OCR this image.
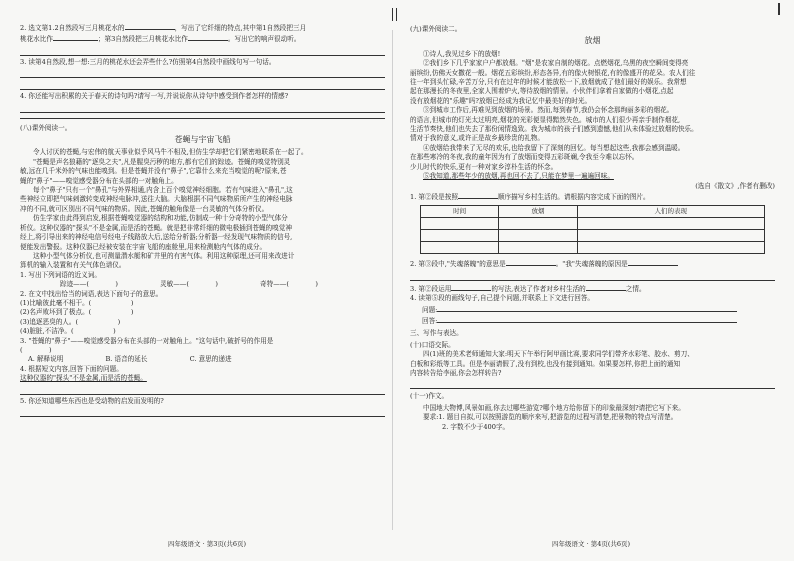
2. 选文第1.2自然段写三月桃花水的	，写出了它纤细的特点,其中第1自然段把三月
桃花水比作	；第3自然段把三月桃花水比作	。写出它的响声很动听。
3. 读第4自然段,想一想:三月的桃花水还会弄些什么?仿照第4自然段中画线句写一句话。
4. 你还能写出积累的关于春天的诗句吗?请写一写,并说说你从诗句中感受到作者怎样的情感?
(八)课外阅读一。
苍蝇与宇宙飞船
令人讨厌的苍蝇,与宏伟的航天事业似乎风马牛不相及,但仿生学却把它们紧密地联系在一起了。
"苍蝇是声名狼藉的"逐臭之夫",凡是腥臭污秽的地方,都有它们的踪迹。苍蝇的嗅觉特别灵
敏,远在几千米外的气味也能嗅到。但是苍蝇并没有"鼻子",它靠什么来充当嗅觉的呢?原来,苍
蝇的"鼻子"——嗅觉感受器分布在头部的一对触角上。
每个"鼻子"只有一个"鼻孔"与外界相通,内含上百个嗅觉神经细胞。若有气味进入"鼻孔",这
些神经立即把气味刺激转变成神经电脉冲,送往大脑。大脑根据不同气味物质所产生的神经电脉
冲的不同,就可区别出不同气味的物质。因此,苍蝇的触角像是一台灵敏的气体分析仪。
仿生学家由此得到启发,根据苍蝇嗅觉器的结构和功能,仿制成一种十分奇特的小型气体分
析仪。这种仪器的"探头"不是金属,而是活的苍蝇。就是把非常纤细的微电极插到苍蝇的嗅觉神
经上,将引导出来的神经电信号经电子线路放大后,送给分析器;分析器一经发现气味物质的信号,
便能发出警报。这种仪器已经被安装在宇宙飞船的座舱里,用来检测舱内气体的成分。
这种小型气体分析仪,也可测量潜水艇和矿井里的有害气体。利用这种原理,还可用来改进计
算机的输入装置和有关气体色谱仪。
1. 写出下列词语的近义词。
踪迹——(　　　　)	灵敏——(　　　　)	奇特——(　　　　)
2. 在文中找出恰当的词语,表达下面句子的意思。
(1)比喻彼此毫不相干。(　　　　　　)
(2)名声败坏到了极点。(　　　　　　)
(3)追逐恶臭的人。(　　　　　　)
(4)脏脏,不洁净。(　　　　　　)
3. "苍蝇的"鼻子"——嗅觉感受器分布在头部的一对触角上。"这句话中,破折号的作用是
(　　　　)
A. 解释说明	B. 语音的延长	C. 意思的递进
4. 根据短文内容,回答下面的问题。
这种仪器的"探头"不是金属,而是活的苍蝇。
5. 你还知道哪些东西也是受动物的启发而发明的?
四年级语文 · 第3页(共6页)
(九)课外阅读二。
放烟
①诗人,我见过乡下的放烟!
②我们乡下几乎家家户户都放烟。"烟"是农家自制的烟花。点燃烟花,乌黑的夜空瞬间变得亮
丽缤纷,仿佛天女撒花一般。烟花五彩缤纷,形态各异,有的像火树银花,有的像盛开的花朵。农人们往
往一年到头忙碌,辛苦万分,只有在过年的时候才能放松一下,放烟就成了他们最好的娱乐。我常想
起在那漫长的冬夜里,全家人围着炉火,等待放烟的情景。小伙伴们拿着自家做的小烟花,点起
没有放烟花的"乐趣"吗?放烟已经成为我记忆中最美好的时光。
③到城市工作后,再难见到放烟的场景。然而,每到春节,我仍会怀念那绚丽多彩的烟花。
的语言,但城市的灯光太过明亮,烟花的光彩便显得黯然失色。城市的人们很少再亲手制作烟花,
生活节奏快,他们也失去了那份闲情逸致。我为城市的孩子们感到遗憾,他们从未体验过放烟的快乐。
情对于我的意义,或许正是故乡最珍贵的礼物。
④放烟给我带来了无尽的欢乐,也给我留下了深刻的回忆。每当想起这些,我都会感到温暖。
在那些寒冷的冬夜,我的童年因为有了放烟而变得五彩斑斓,令我至今难以忘怀。
少儿时代的快乐,更有一种对家乡淳朴生活的怀念。
⑤我知道,那些年少的放烟,再也回不去了,只能在梦里一遍遍回味。
(选自《散文》,作者有删改)
1. 第②段是按照	顺序描写乡村生活的。请根据内容完成下面的图片。
时间	放烟	人们的表现

2. 第③段中,"失魂落魄"的意思是	。"我"失魂落魄的原因是
3. 第②段运用	的写法,表达了作者对乡村生活的	之情。
4. 读第⑤段的画线句子,自己提个问题,并联系上下文进行回答。
问题:
回答:
三、写作与表达。
(十)口语交际。
四(1)班的美术老师通知大家:明天下午举行阿甲画比赛,要求同学们带齐水彩笔、胶水、剪刀、
白板和彩纸等工具。但是李丽请假了,没有到校,也没有接到通知。如果要怎样,你把上面的通知
内容转告给李丽,你会怎样转告?
(十一)作文。
中国地大物博,风景如画,你去过哪些游览?哪个地方给你留下的印象最深刻?请把它写下来。
要求:1. 题目自拟,可以按照游览的顺序来写,把游览的过程写清楚,把景物的特点写清楚。
2. 字数不少于400字。
四年级语文 · 第4页(共6页)
